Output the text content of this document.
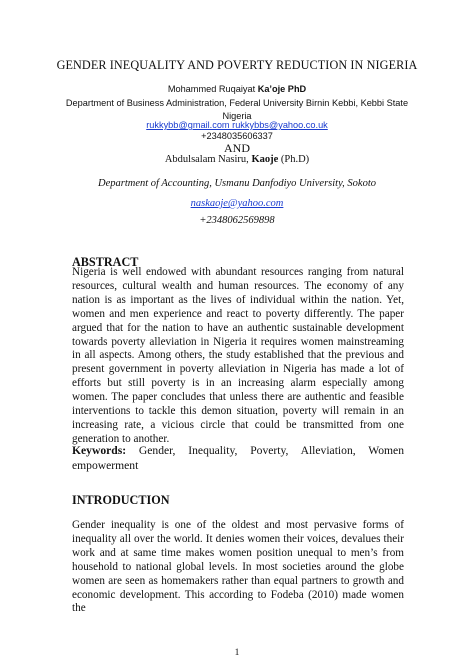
GENDER INEQUALITY AND POVERTY REDUCTION IN NIGERIA
Mohammed Ruqaiyat Ka’oje PhD
Department of Business Administration, Federal University Birnin Kebbi, Kebbi State Nigeria
rukkybb@gmail.com rukkybbs@yahoo.co.uk
+2348035606337
AND
Abdulsalam Nasiru, Kaoje (Ph.D)
Department of Accounting, Usmanu Danfodiyo University, Sokoto
naskaoje@yahoo.com
+2348062569898
ABSTRACT
Nigeria is well endowed with abundant resources ranging from natural resources, cultural wealth and human resources. The economy of any nation is as important as the lives of individual within the nation. Yet, women and men experience and react to poverty differently. The paper argued that for the nation to have an authentic sustainable development towards poverty alleviation in Nigeria it requires women mainstreaming in all aspects. Among others, the study established that the previous and present government in poverty alleviation in Nigeria has made a lot of efforts but still poverty is in an increasing alarm especially among women. The paper concludes that unless there are authentic and feasible interventions to tackle this demon situation, poverty will remain in an increasing rate, a vicious circle that could be transmitted from one generation to another.
Keywords: Gender, Inequality, Poverty, Alleviation, Women empowerment
INTRODUCTION
Gender inequality is one of the oldest and most pervasive forms of inequality all over the world. It denies women their voices, devalues their work and at same time makes women position unequal to men’s from household to national global levels. In most societies around the globe women are seen as homemakers rather than equal partners to growth and economic development. This according to Fodeba (2010) made women the
1
